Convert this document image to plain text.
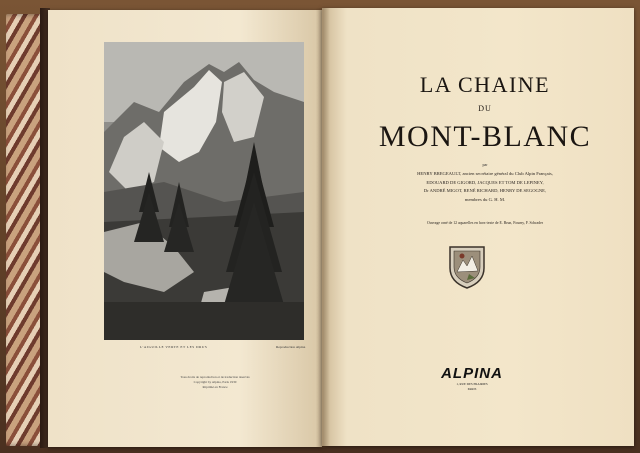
L'AIGUILLE VERTE ET LES DRUS	Reproduction Alpina
Tous droits de reproduction et de traduction réservés
Copyright by Alpina, Paris 1930
Imprimé en France
LA CHAINE
DU
MONT-BLANC
par
HENRY BREGEAULT, ancien secrétaire général du Club Alpin Français,
EDOUARD DE GIGORD, JACQUES ET TOM DE LEPINEY,
Dr ANDRÉ MIGOT, RENÉ RICHARD, HENRY DE SEGOGNE,
membres du G. H. M.
Ouvrage orné de 12 aquarelles en hors-texte de E. Brun, Fourny, F. Schrader
ALPINA
1, RUE DES PRAIRIES
PARIS
